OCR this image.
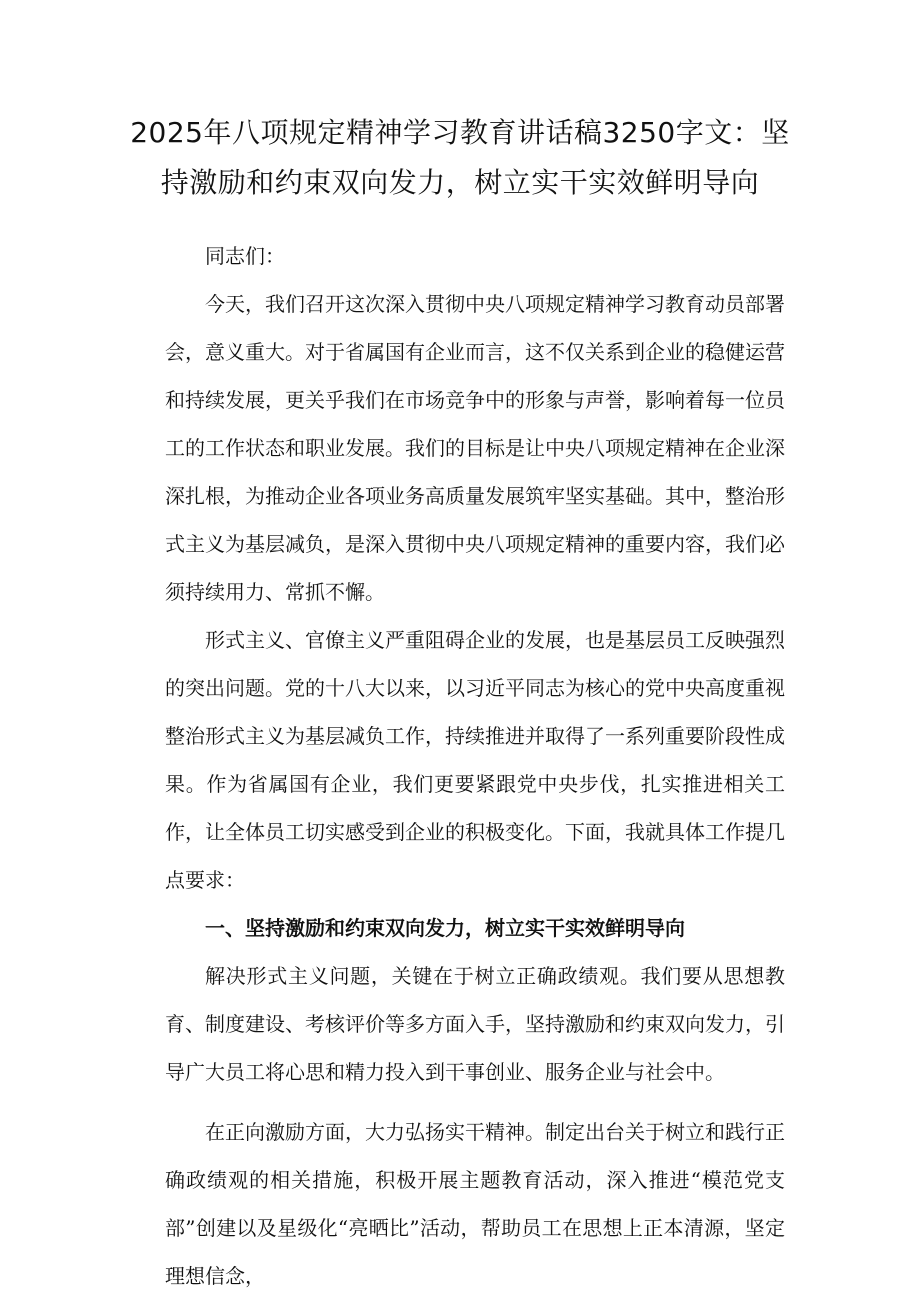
2025年八项规定精神学习教育讲话稿3250字文：坚持激励和约束双向发力，树立实干实效鲜明导向

同志们：

今天，我们召开这次深入贯彻中央八项规定精神学习教育动员部署会，意义重大。对于省属国有企业而言，这不仅关系到企业的稳健运营和持续发展，更关乎我们在市场竞争中的形象与声誉，影响着每一位员工的工作状态和职业发展。我们的目标是让中央八项规定精神在企业深深扎根，为推动企业各项业务高质量发展筑牢坚实基础。其中，整治形式主义为基层减负，是深入贯彻中央八项规定精神的重要内容，我们必须持续用力、常抓不懈。

形式主义、官僚主义严重阻碍企业的发展，也是基层员工反映强烈的突出问题。党的十八大以来，以习近平同志为核心的党中央高度重视整治形式主义为基层减负工作，持续推进并取得了一系列重要阶段性成果。作为省属国有企业，我们更要紧跟党中央步伐，扎实推进相关工作，让全体员工切实感受到企业的积极变化。下面，我就具体工作提几点要求：

一、坚持激励和约束双向发力，树立实干实效鲜明导向

解决形式主义问题，关键在于树立正确政绩观。我们要从思想教育、制度建设、考核评价等多方面入手，坚持激励和约束双向发力，引导广大员工将心思和精力投入到干事创业、服务企业与社会中。

在正向激励方面，大力弘扬实干精神。制定出台关于树立和践行正确政绩观的相关措施，积极开展主题教育活动，深入推进“模范党支部”创建以及星级化“亮晒比”活动，帮助员工在思想上正本清源，坚定理想信念，
